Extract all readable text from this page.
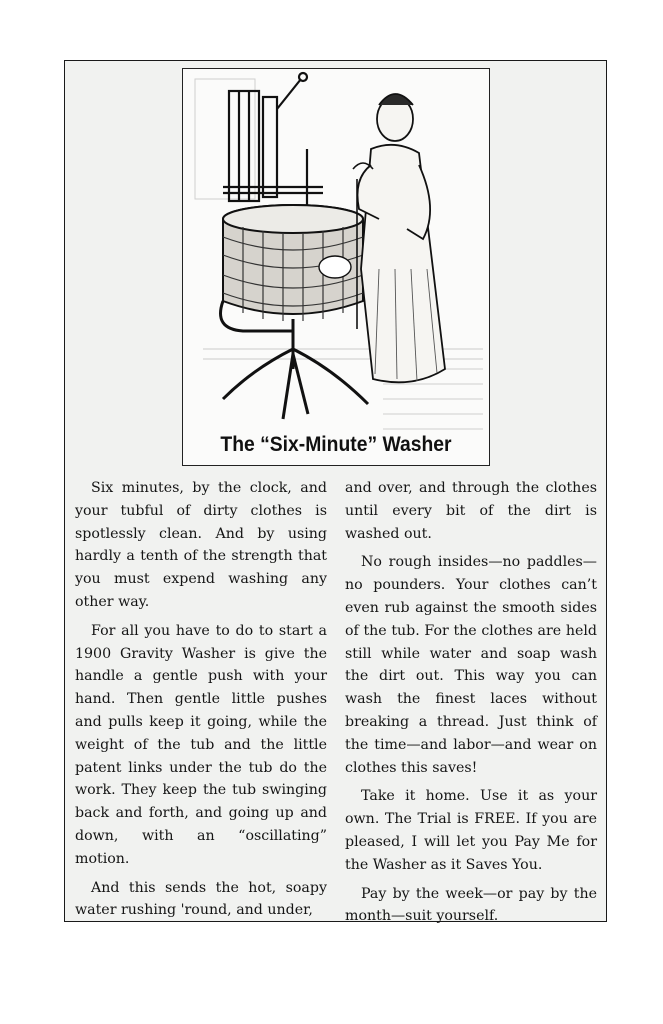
The “Six-Minute” Washer

Six minutes, by the clock, and your tubful of dirty clothes is spotlessly clean. And by using hardly a tenth of the strength that you must expend washing any other way.

For all you have to do to start a 1900 Gravity Washer is give the handle a gentle push with your hand. Then gentle little pushes and pulls keep it going, while the weight of the tub and the little patent links under the tub do the work. They keep the tub swinging back and forth, and going up and down, with an “oscillating” motion.

And this sends the hot, soapy water rushing 'round, and under,

and over, and through the clothes until every bit of the dirt is washed out.

No rough insides—no paddles—no pounders. Your clothes can’t even rub against the smooth sides of the tub. For the clothes are held still while water and soap wash the dirt out. This way you can wash the finest laces without breaking a thread. Just think of the time—and labor—and wear on clothes this saves!

Take it home. Use it as your own. The Trial is FREE. If you are pleased, I will let you Pay Me for the Washer as it Saves You.

Pay by the week—or pay by the month—suit yourself.
